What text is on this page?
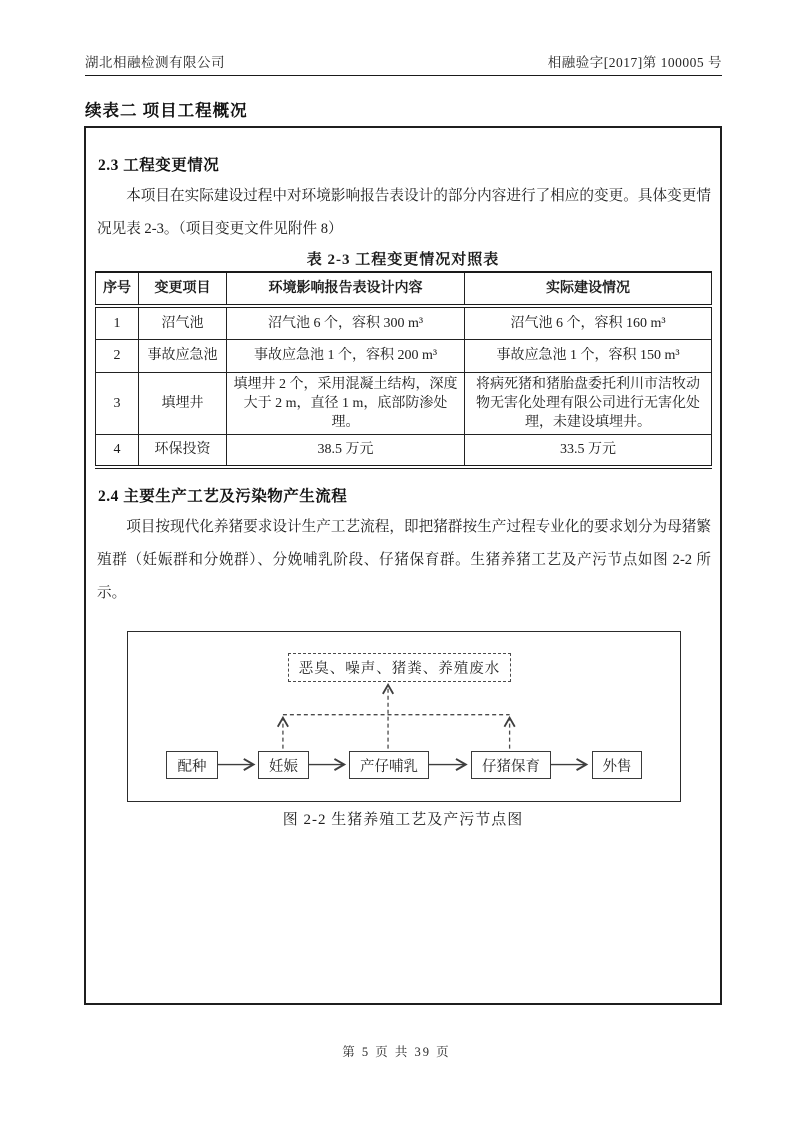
湖北相融检测有限公司	相融验字[2017]第 100005 号
续表二 项目工程概况
2.3 工程变更情况
本项目在实际建设过程中对环境影响报告表设计的部分内容进行了相应的变更。具体变更情况见表 2-3。（项目变更文件见附件 8）
表 2-3 工程变更情况对照表
序号	变更项目	环境影响报告表设计内容	实际建设情况
1	沼气池	沼气池 6 个，容积 300 m³	沼气池 6 个，容积 160 m³
2	事故应急池	事故应急池 1 个，容积 200 m³	事故应急池 1 个，容积 150 m³
3	填埋井	填埋井 2 个，采用混凝土结构，深度大于 2 m，直径 1 m，底部防渗处理。	将病死猪和猪胎盘委托利川市洁牧动物无害化处理有限公司进行无害化处理，未建设填埋井。
4	环保投资	38.5 万元	33.5 万元
2.4 主要生产工艺及污染物产生流程
项目按现代化养猪要求设计生产工艺流程，即把猪群按生产过程专业化的要求划分为母猪繁殖群（妊娠群和分娩群）、分娩哺乳阶段、仔猪保育群。生猪养猪工艺及产污节点如图 2-2 所示。
恶臭、噪声、猪粪、养殖废水
配种	妊娠	产仔哺乳	仔猪保育	外售
图 2-2 生猪养殖工艺及产污节点图
第 5 页 共 39 页
